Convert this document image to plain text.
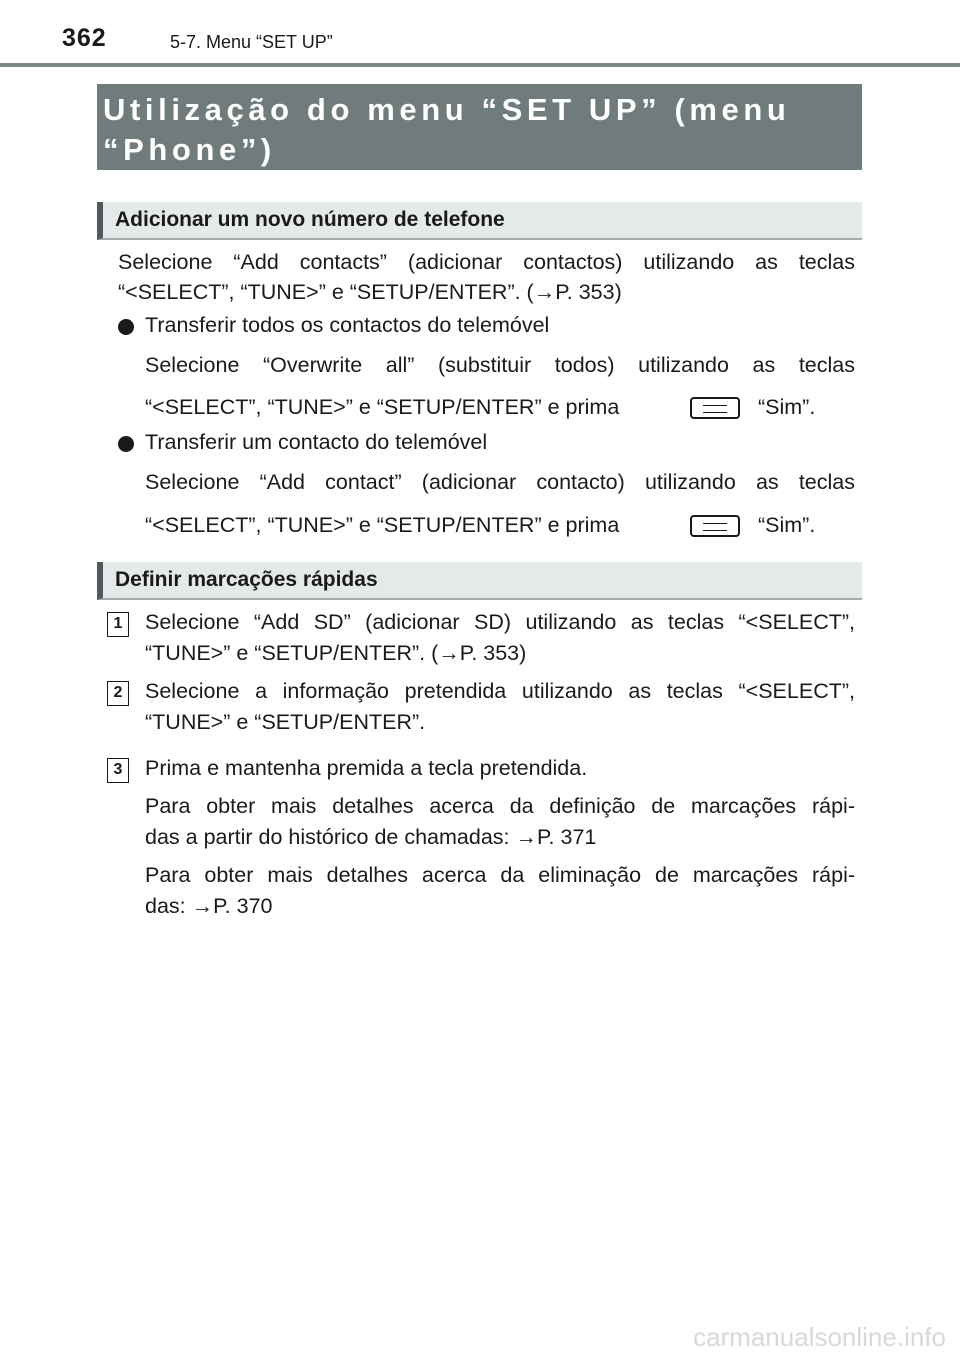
362	5-7. Menu “SET UP”
Utilização do menu “SET UP” (menu
“Phone”)
Adicionar um novo número de telefone
Selecione “Add contacts” (adicionar contactos) utilizando as teclas
“<SELECT”, “TUNE>” e “SETUP/ENTER”. (→P. 353)
Transferir todos os contactos do telemóvel
Selecione “Overwrite all” (substituir todos) utilizando as teclas
“<SELECT”, “TUNE>” e “SETUP/ENTER” e prima	“Sim”.
Transferir um contacto do telemóvel
Selecione “Add contact” (adicionar contacto) utilizando as teclas
“<SELECT”, “TUNE>” e “SETUP/ENTER” e prima	“Sim”.
Definir marcações rápidas
1	Selecione “Add SD” (adicionar SD) utilizando as teclas “<SELECT”,
“TUNE>” e “SETUP/ENTER”. (→P. 353)
2	Selecione a informação pretendida utilizando as teclas “<SELECT”,
“TUNE>” e “SETUP/ENTER”.
3	Prima e mantenha premida a tecla pretendida.
Para obter mais detalhes acerca da definição de marcações rápi-
das a partir do histórico de chamadas: →P. 371
Para obter mais detalhes acerca da eliminação de marcações rápi-
das: →P. 370
carmanualsonline.info
